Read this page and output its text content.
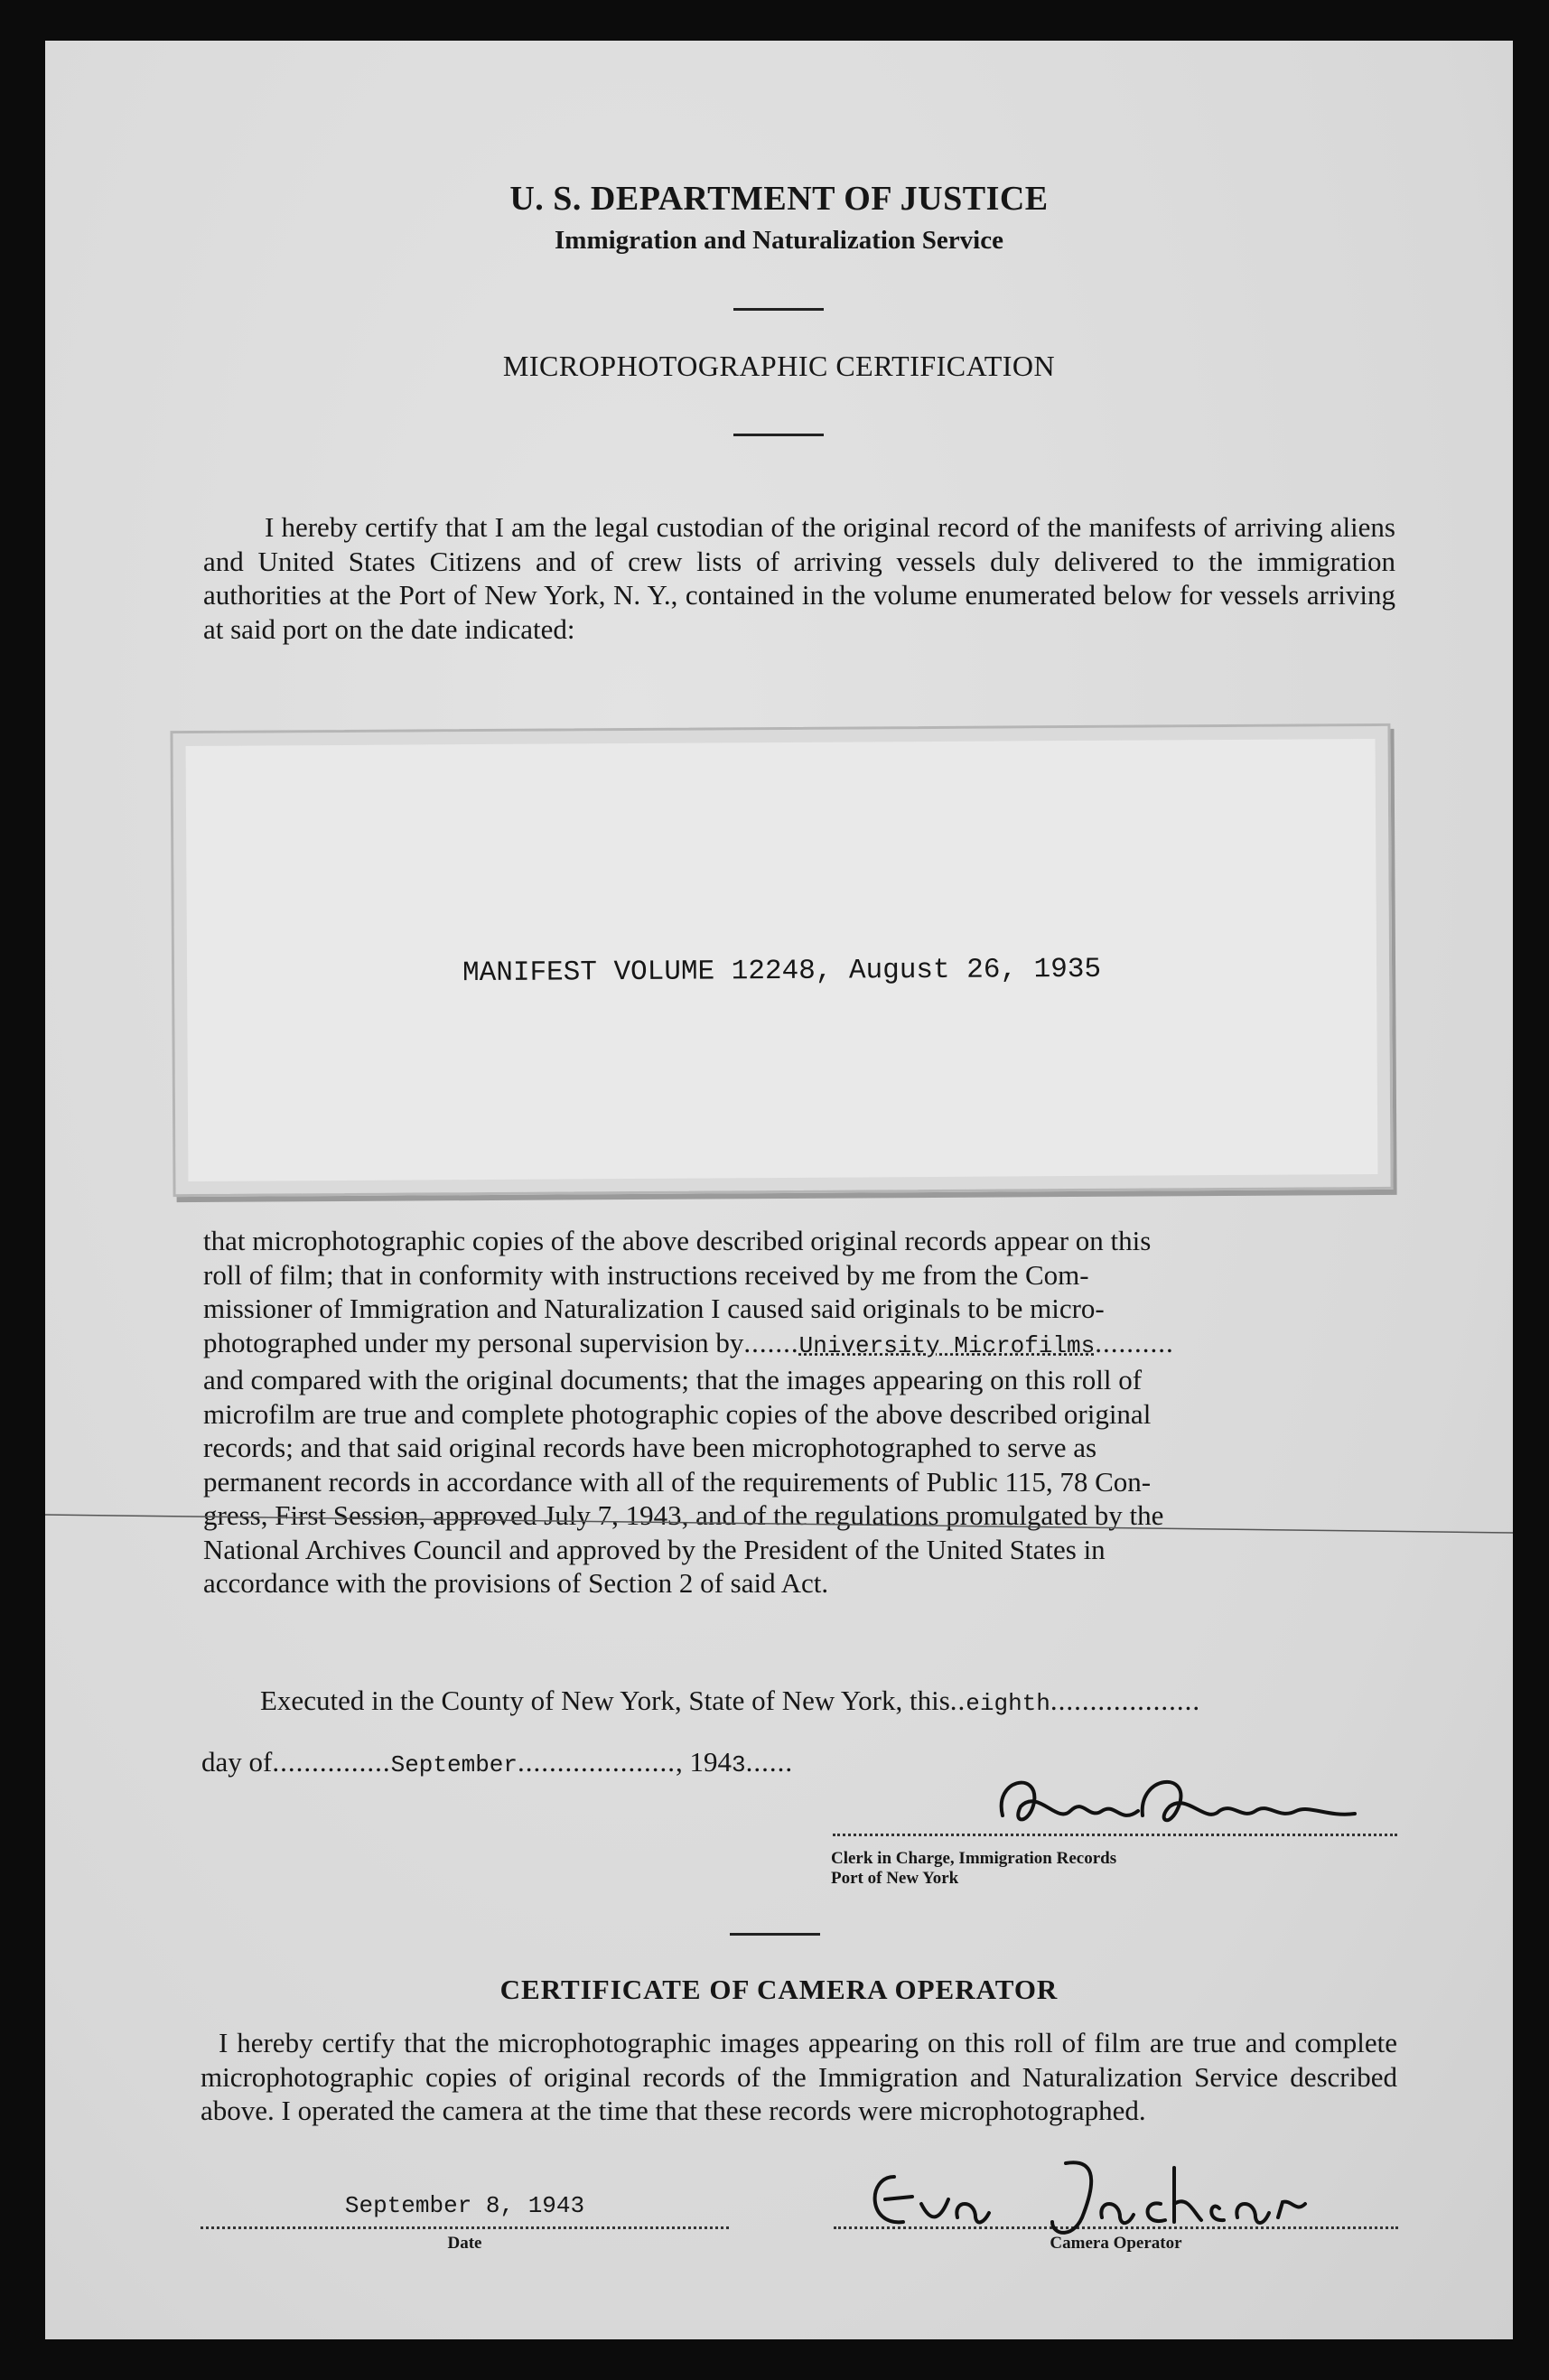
U. S. DEPARTMENT OF JUSTICE
Immigration and Naturalization Service
MICROPHOTOGRAPHIC CERTIFICATION
I hereby certify that I am the legal custodian of the original record of the manifests of arriving aliens and United States Citizens and of crew lists of arriving vessels duly delivered to the immigration authorities at the Port of New York, N. Y., contained in the volume enumerated below for vessels arriving at said port on the date indicated:
MANIFEST VOLUME 12248, August 26, 1935
that microphotographic copies of the above described original records appear on this
roll of film; that in conformity with instructions received by me from the Com-
missioner of Immigration and Naturalization I caused said originals to be micro-
photographed under my personal supervision by.......University Microfilms..........
and compared with the original documents; that the images appearing on this roll of
microfilm are true and complete photographic copies of the above described original
records; and that said original records have been microphotographed to serve as
permanent records in accordance with all of the requirements of Public 115, 78 Con-
gress, First Session, approved July 7, 1943, and of the regulations promulgated by the
National Archives Council and approved by the President of the United States in
accordance with the provisions of Section 2 of said Act.
Executed in the County of New York, State of New York, this..eighth...................
day of...............September...................., 1943......
Clerk in Charge, Immigration Records
Port of New York
CERTIFICATE OF CAMERA OPERATOR
I hereby certify that the microphotographic images appearing on this roll of film are true and complete microphotographic copies of original records of the Immigration and Naturalization Service described above. I operated the camera at the time that these records were microphotographed.
September 8, 1943
Date	Camera Operator
